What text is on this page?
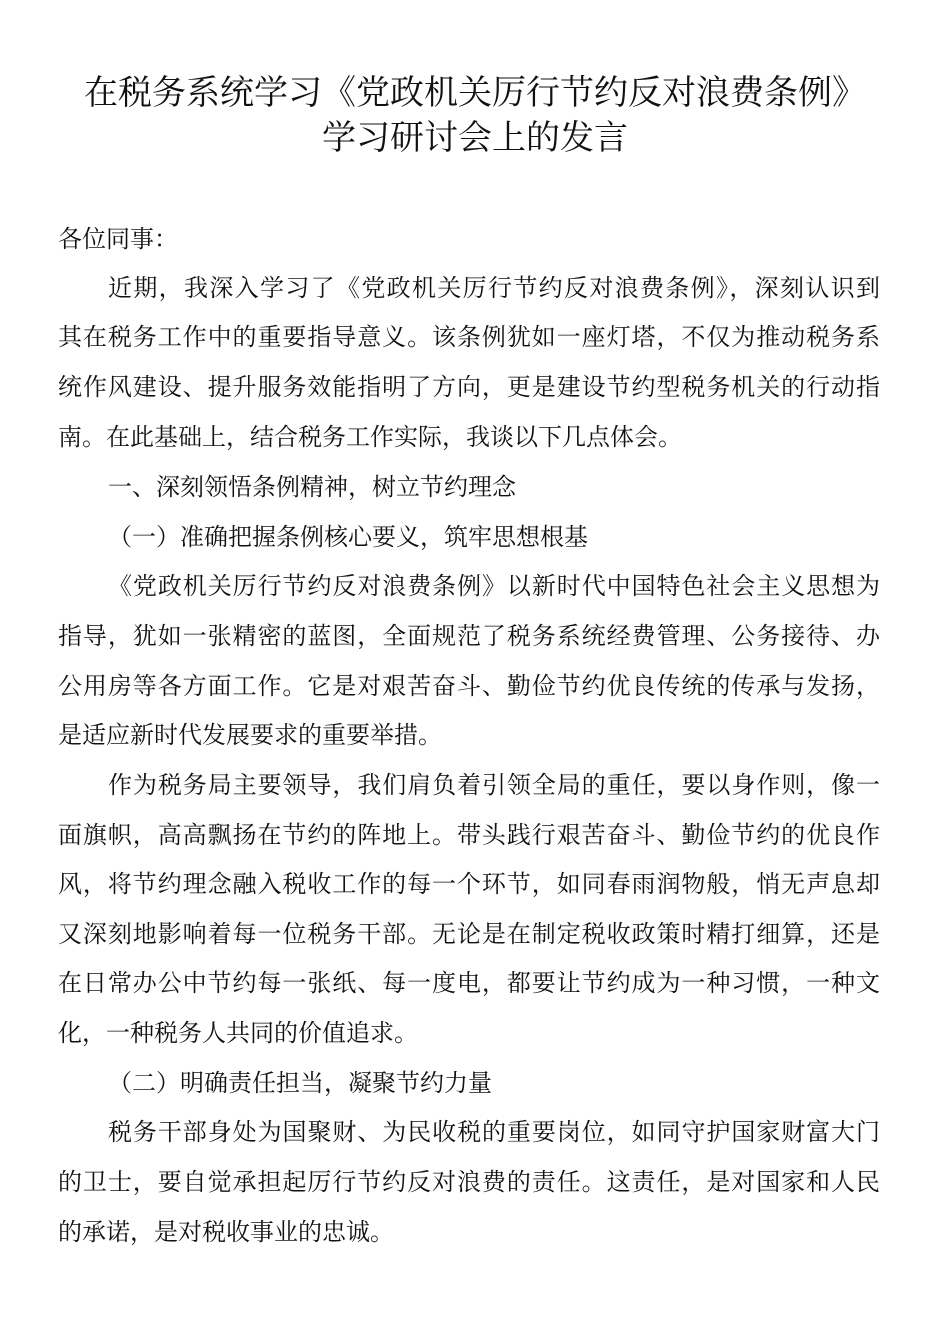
在税务系统学习《党政机关厉行节约反对浪费条例》
学习研讨会上的发言
各位同事：
近期，我深入学习了《党政机关厉行节约反对浪费条例》，深刻认识到
其在税务工作中的重要指导意义。该条例犹如一座灯塔，不仅为推动税务系
统作风建设、提升服务效能指明了方向，更是建设节约型税务机关的行动指
南。在此基础上，结合税务工作实际，我谈以下几点体会。
一、深刻领悟条例精神，树立节约理念
（一）准确把握条例核心要义，筑牢思想根基
《党政机关厉行节约反对浪费条例》以新时代中国特色社会主义思想为
指导，犹如一张精密的蓝图，全面规范了税务系统经费管理、公务接待、办
公用房等各方面工作。它是对艰苦奋斗、勤俭节约优良传统的传承与发扬，
是适应新时代发展要求的重要举措。
作为税务局主要领导，我们肩负着引领全局的重任，要以身作则，像一
面旗帜，高高飘扬在节约的阵地上。带头践行艰苦奋斗、勤俭节约的优良作
风，将节约理念融入税收工作的每一个环节，如同春雨润物般，悄无声息却
又深刻地影响着每一位税务干部。无论是在制定税收政策时精打细算，还是
在日常办公中节约每一张纸、每一度电，都要让节约成为一种习惯，一种文
化，一种税务人共同的价值追求。
（二）明确责任担当，凝聚节约力量
税务干部身处为国聚财、为民收税的重要岗位，如同守护国家财富大门
的卫士，要自觉承担起厉行节约反对浪费的责任。这责任，是对国家和人民
的承诺，是对税收事业的忠诚。
